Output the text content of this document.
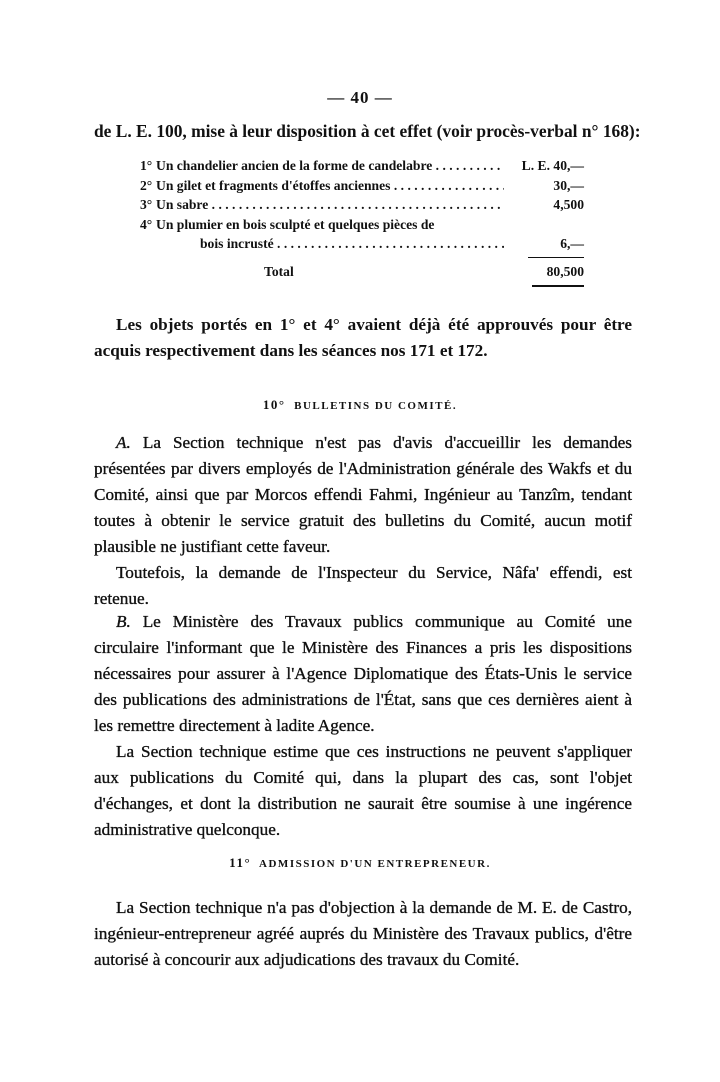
— 40 —
de L. E. 100, mise à leur disposition à cet effet (voir procès-verbal n° 168):
1° Un chandelier ancien de la forme de candelabre . . .	L. E. 40,—
2° Un gilet et fragments d'étoffes anciennes . . .	30,—
3° Un sabre . . .	4,500
4° Un plumier en bois sculpté et quelques pièces de
bois incrusté . . .	6,—
Total	80,500
Les objets portés en 1° et 4° avaient déjà été approuvés pour être acquis respectivement dans les séances nos 171 et 172.
10° BULLETINS DU COMITÉ.
A. La Section technique n'est pas d'avis d'accueillir les demandes présentées par divers employés de l'Administration générale des Wakfs et du Comité, ainsi que par Morcos effendi Fahmi, Ingénieur au Tanzîm, tendant toutes à obtenir le service gratuit des bulletins du Comité, aucun motif plausible ne justifiant cette faveur.
Toutefois, la demande de l'Inspecteur du Service, Nâfa' effendi, est retenue.
B. Le Ministère des Travaux publics communique au Comité une circulaire l'informant que le Ministère des Finances a pris les dispositions nécessaires pour assurer à l'Agence Diplomatique des États-Unis le service des publications des administrations de l'État, sans que ces dernières aient à les remettre directement à ladite Agence.
La Section technique estime que ces instructions ne peuvent s'appliquer aux publications du Comité qui, dans la plupart des cas, sont l'objet d'échanges, et dont la distribution ne saurait être soumise à une ingérence administrative quelconque.
11° ADMISSION D'UN ENTREPRENEUR.
La Section technique n'a pas d'objection à la demande de M. E. de Castro, ingénieur-entrepreneur agréé auprés du Ministère des Travaux publics, d'être autorisé à concourir aux adjudications des travaux du Comité.
